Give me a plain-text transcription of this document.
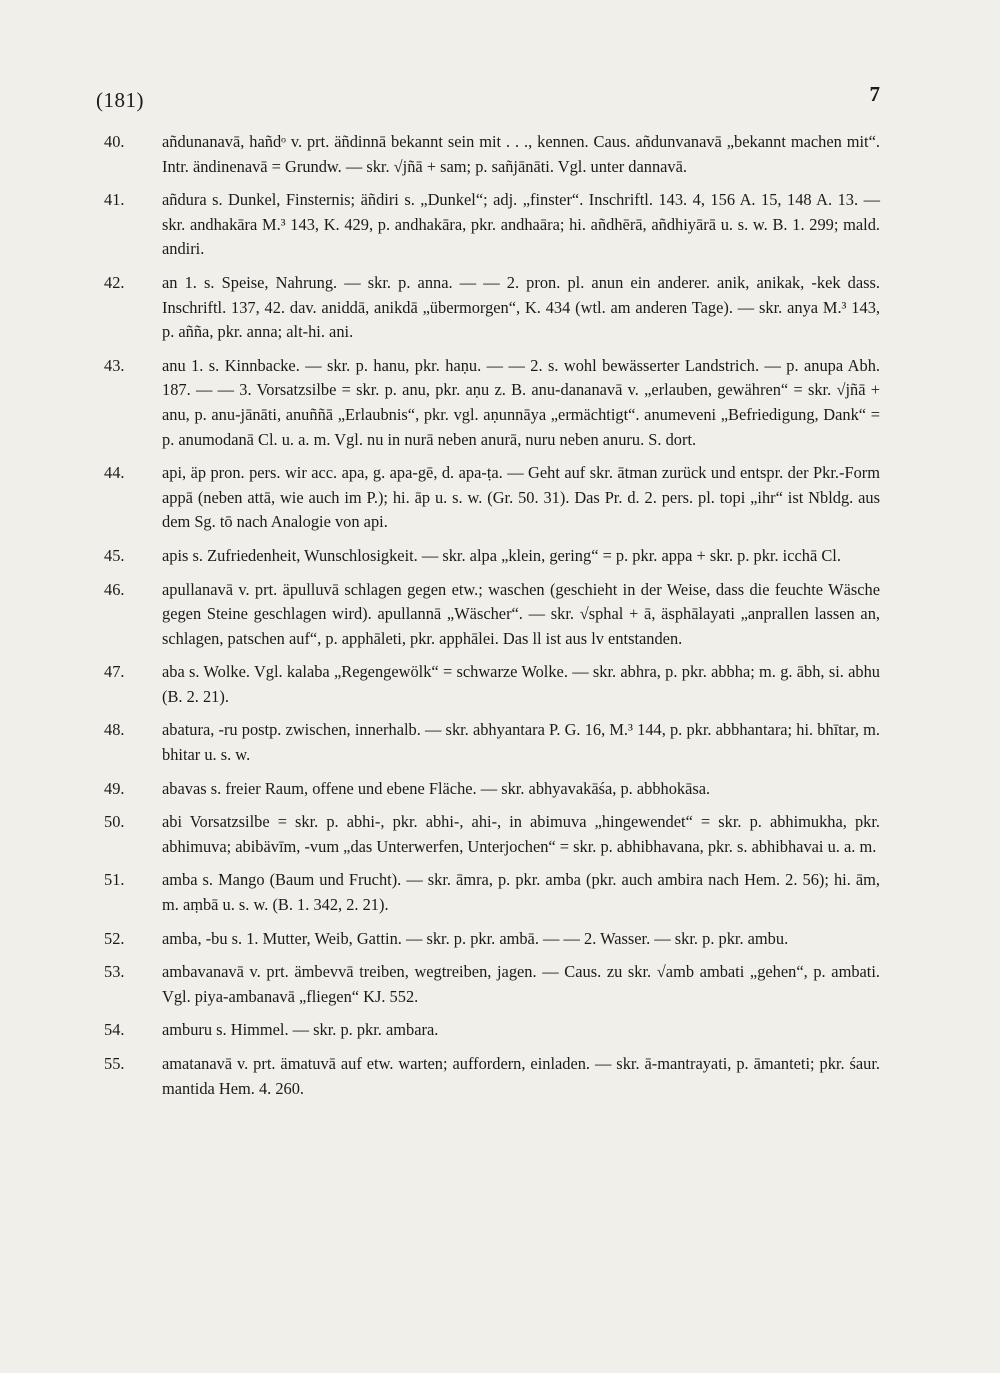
(181)	7
40.	añdunanavā, hañdᵒ v. prt. äñdinnā bekannt sein mit . . ., kennen. Caus. añdunvanavā „bekannt machen mit“. Intr. ändinenavā = Grundw. — skr. √jñā + sam; p. sañjānāti. Vgl. unter dannavā.
41.	añdura s. Dunkel, Finsternis; äñdiri s. „Dunkel“; adj. „finster“. Inschriftl. 143. 4, 156 A. 15, 148 A. 13. — skr. andhakāra M.³ 143, K. 429, p. andhakāra, pkr. andhaāra; hi. añdhērā, añdhiyārā u. s. w. B. 1. 299; mald. andiri.
42.	an 1. s. Speise, Nahrung. — skr. p. anna. — — 2. pron. pl. anun ein anderer. anik, anikak, -kek dass. Inschriftl. 137, 42. dav. aniddā, anikdā „übermorgen“, K. 434 (wtl. am anderen Tage). — skr. anya M.³ 143, p. añña, pkr. anna; alt-hi. ani.
43.	anu 1. s. Kinnbacke. — skr. p. hanu, pkr. haṇu. — — 2. s. wohl bewässerter Landstrich. — p. anupa Abh. 187. — — 3. Vorsatzsilbe = skr. p. anu, pkr. aṇu z. B. anu-dananavā v. „erlauben, gewähren“ = skr. √jñā + anu, p. anu-jānāti, anuññā „Erlaubnis“, pkr. vgl. aṇunnāya „ermächtigt“. anumeveni „Befriedigung, Dank“ = p. anumodanā Cl. u. a. m. Vgl. nu in nurā neben anurā, nuru neben anuru. S. dort.
44.	api, äp pron. pers. wir acc. apa, g. apa-gē, d. apa-ṭa. — Geht auf skr. ātman zurück und entspr. der Pkr.-Form appā (neben attā, wie auch im P.); hi. āp u. s. w. (Gr. 50. 31). Das Pr. d. 2. pers. pl. topi „ihr“ ist Nbldg. aus dem Sg. tō nach Analogie von api.
45.	apis s. Zufriedenheit, Wunschlosigkeit. — skr. alpa „klein, gering“ = p. pkr. appa + skr. p. pkr. icchā Cl.
46.	apullanavā v. prt. äpulluvā schlagen gegen etw.; waschen (geschieht in der Weise, dass die feuchte Wäsche gegen Steine geschlagen wird). apullannā „Wäscher“. — skr. √sphal + ā, äsphālayati „anprallen lassen an, schlagen, patschen auf“, p. apphāleti, pkr. apphālei. Das ll ist aus lv entstanden.
47.	aba s. Wolke. Vgl. kalaba „Regengewölk“ = schwarze Wolke. — skr. abhra, p. pkr. abbha; m. g. ābh, si. abhu (B. 2. 21).
48.	abatura, -ru postp. zwischen, innerhalb. — skr. abhyantara P. G. 16, M.³ 144, p. pkr. abbhantara; hi. bhītar, m. bhitar u. s. w.
49.	abavas s. freier Raum, offene und ebene Fläche. — skr. abhyavakāśa, p. abbhokāsa.
50.	abi Vorsatzsilbe = skr. p. abhi-, pkr. abhi-, ahi-, in abimuva „hingewendet“ = skr. p. abhimukha, pkr. abhimuva; abibävīm, -vum „das Unterwerfen, Unterjochen“ = skr. p. abhibhavana, pkr. s. abhibhavai u. a. m.
51.	amba s. Mango (Baum und Frucht). — skr. āmra, p. pkr. amba (pkr. auch ambira nach Hem. 2. 56); hi. ām, m. aṃbā u. s. w. (B. 1. 342, 2. 21).
52.	amba, -bu s. 1. Mutter, Weib, Gattin. — skr. p. pkr. ambā. — — 2. Wasser. — skr. p. pkr. ambu.
53.	ambavanavā v. prt. ämbevvā treiben, wegtreiben, jagen. — Caus. zu skr. √amb ambati „gehen“, p. ambati. Vgl. piya-ambanavā „fliegen“ KJ. 552.
54.	amburu s. Himmel. — skr. p. pkr. ambara.
55.	amatanavā v. prt. ämatuvā auf etw. warten; auffordern, einladen. — skr. ā-mantrayati, p. āmanteti; pkr. śaur. mantida Hem. 4. 260.
